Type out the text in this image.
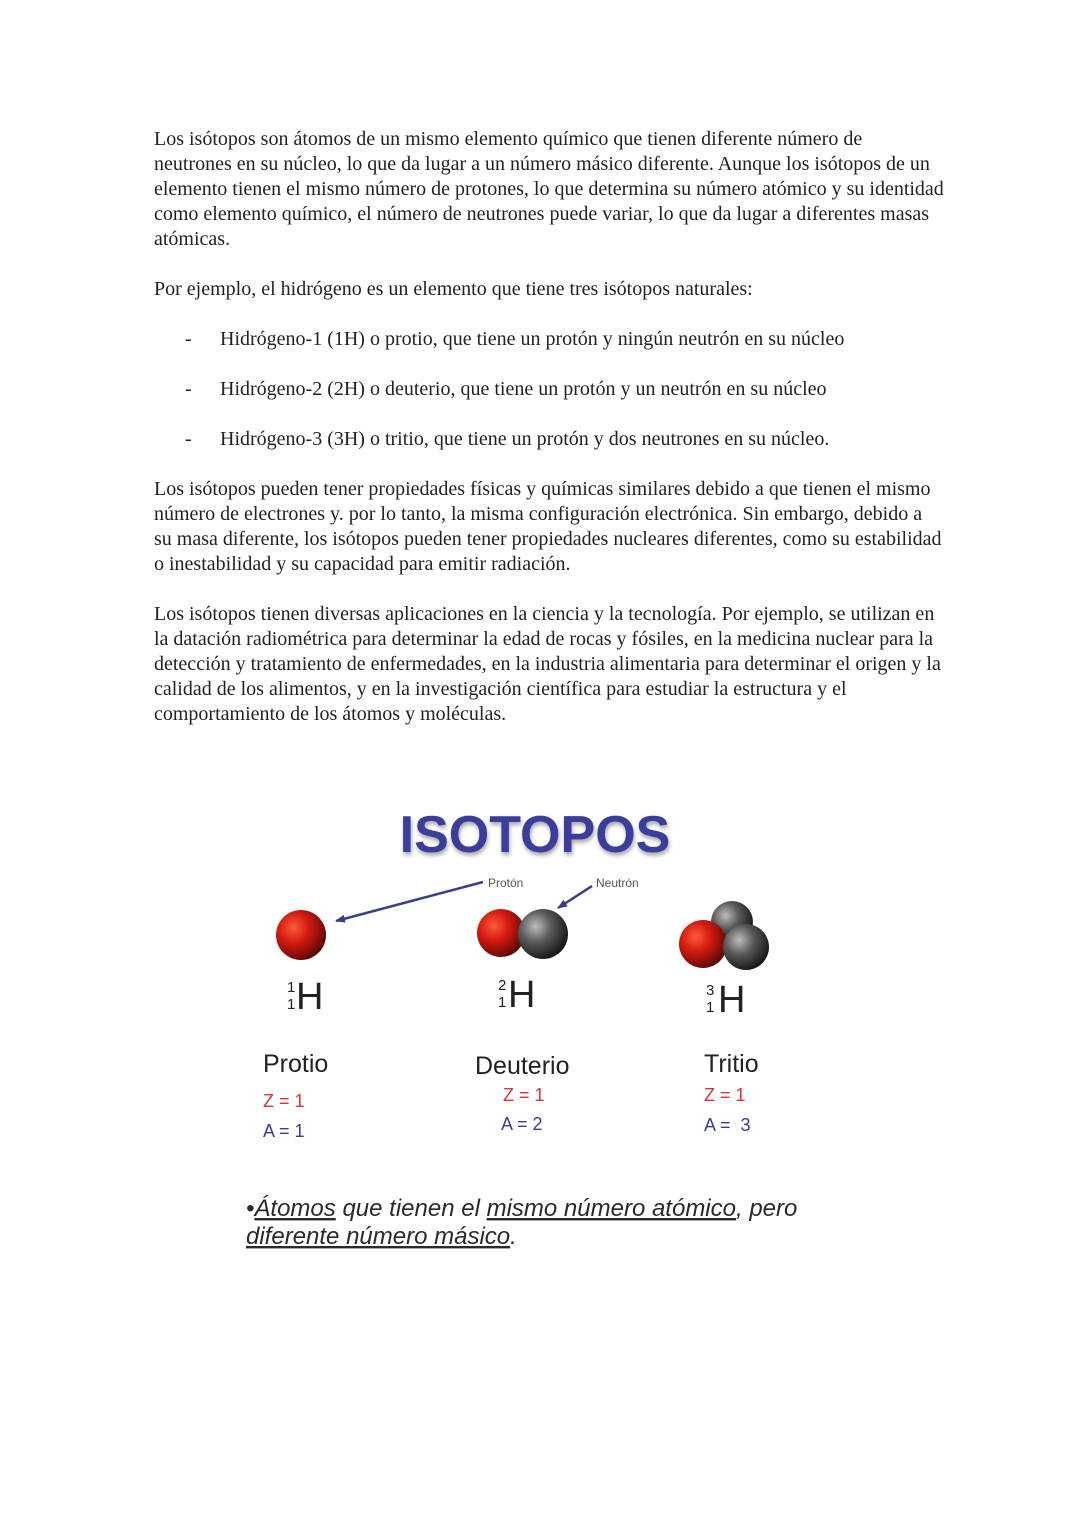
Los isótopos son átomos de un mismo elemento químico que tienen diferente número de neutrones en su núcleo, lo que da lugar a un número másico diferente. Aunque los isótopos de un elemento tienen el mismo número de protones, lo que determina su número atómico y su identidad como elemento químico, el número de neutrones puede variar, lo que da lugar a diferentes masas atómicas.

Por ejemplo, el hidrógeno es un elemento que tiene tres isótopos naturales:

- Hidrógeno-1 (1H) o protio, que tiene un protón y ningún neutrón en su núcleo
- Hidrógeno-2 (2H) o deuterio, que tiene un protón y un neutrón en su núcleo
- Hidrógeno-3 (3H) o tritio, que tiene un protón y dos neutrones en su núcleo.

Los isótopos pueden tener propiedades físicas y químicas similares debido a que tienen el mismo número de electrones y. por lo tanto, la misma configuración electrónica. Sin embargo, debido a su masa diferente, los isótopos pueden tener propiedades nucleares diferentes, como su estabilidad o inestabilidad y su capacidad para emitir radiación.

Los isótopos tienen diversas aplicaciones en la ciencia y la tecnología. Por ejemplo, se utilizan en la datación radiométrica para determinar la edad de rocas y fósiles, en la medicina nuclear para la detección y tratamiento de enfermedades, en la industria alimentaria para determinar el origen y la calidad de los alimentos, y en la investigación científica para estudiar la estructura y el comportamiento de los átomos y moléculas.

ISOTOPOS
Protón	Neutrón
1
1 H
Protio
Z = 1
A = 1
2
1 H
Deuterio
Z = 1
A = 2
3
1 H
Tritio
Z = 1
A =  3
•Átomos que tienen el mismo número atómico, pero
diferente número másico.
